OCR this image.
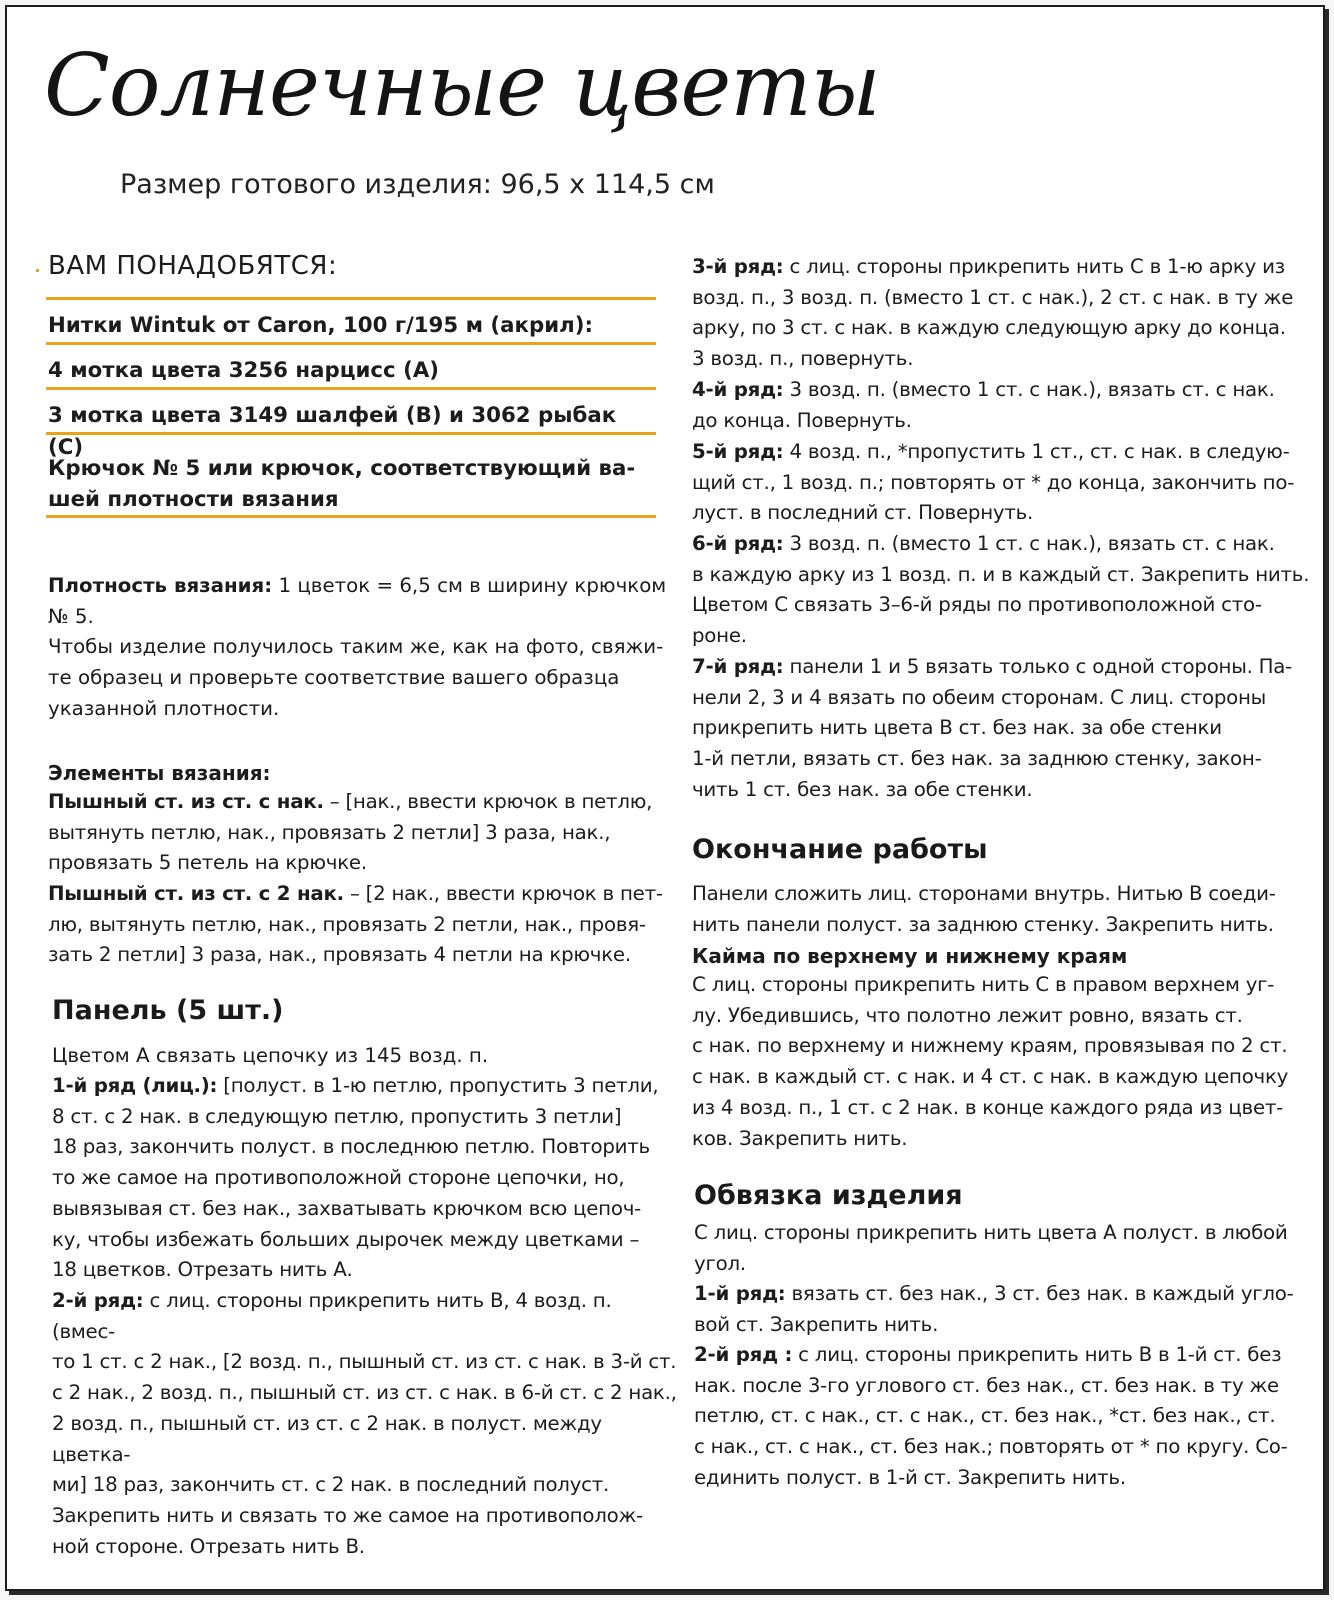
Солнечные цветы

Размер готового изделия: 96,5 x 114,5 см

ВАМ ПОНАДОБЯТСЯ:
Нитки Wintuk от Caron, 100 г/195 м (акрил):
4 мотка цвета 3256 нарцисс (А)
3 мотка цвета 3149 шалфей (В) и 3062 рыбак (С)
Крючок № 5 или крючок, соответствующий ва-
шей плотности вязания

Плотность вязания: 1 цветок = 6,5 см в ширину крючком
№ 5.
Чтобы изделие получилось таким же, как на фото, свяжи-
те образец и проверьте соответствие вашего образца
указанной плотности.

Элементы вязания:

Пышный ст. из ст. с нак. – [нак., ввести крючок в петлю,
вытянуть петлю, нак., провязать 2 петли] 3 раза, нак.,
провязать 5 петель на крючке.

Пышный ст. из ст. с 2 нак. – [2 нак., ввести крючок в пет-
лю, вытянуть петлю, нак., провязать 2 петли, нак., провя-
зать 2 петли] 3 раза, нак., провязать 4 петли на крючке.

Панель (5 шт.)

Цветом А связать цепочку из 145 возд. п.

1-й ряд (лиц.): [полуст. в 1-ю петлю, пропустить 3 петли,
8 ст. с 2 нак. в следующую петлю, пропустить 3 петли]
18 раз, закончить полуст. в последнюю петлю. Повторить
то же самое на противоположной стороне цепочки, но,
вывязывая ст. без нак., захватывать крючком всю цепоч-
ку, чтобы избежать больших дырочек между цветками –
18 цветков. Отрезать нить А.

2-й ряд: с лиц. стороны прикрепить нить В, 4 возд. п. (вмес-
то 1 ст. с 2 нак., [2 возд. п., пышный ст. из ст. с нак. в 3-й ст.
с 2 нак., 2 возд. п., пышный ст. из ст. с нак. в 6-й ст. с 2 нак.,
2 возд. п., пышный ст. из ст. с 2 нак. в полуст. между цветка-
ми] 18 раз, закончить ст. с 2 нак. в последний полуст.
Закрепить нить и связать то же самое на противополож-
ной стороне. Отрезать нить В.

3-й ряд: с лиц. стороны прикрепить нить С в 1-ю арку из
возд. п., 3 возд. п. (вместо 1 ст. с нак.), 2 ст. с нак. в ту же
арку, по 3 ст. с нак. в каждую следующую арку до конца.
3 возд. п., повернуть.

4-й ряд: 3 возд. п. (вместо 1 ст. с нак.), вязать ст. с нак.
до конца. Повернуть.

5-й ряд: 4 возд. п., *пропустить 1 ст., ст. с нак. в следую-
щий ст., 1 возд. п.; повторять от * до конца, закончить по-
луст. в последний ст. Повернуть.

6-й ряд: 3 возд. п. (вместо 1 ст. с нак.), вязать ст. с нак.
в каждую арку из 1 возд. п. и в каждый ст. Закрепить нить.
Цветом С связать 3–6-й ряды по противоположной сто-
роне.

7-й ряд: панели 1 и 5 вязать только с одной стороны. Па-
нели 2, 3 и 4 вязать по обеим сторонам. С лиц. стороны
прикрепить нить цвета В ст. без нак. за обе стенки
1-й петли, вязать ст. без нак. за заднюю стенку, закон-
чить 1 ст. без нак. за обе стенки.

Окончание работы

Панели сложить лиц. сторонами внутрь. Нитью В соеди-
нить панели полуст. за заднюю стенку. Закрепить нить.

Кайма по верхнему и нижнему краям

С лиц. стороны прикрепить нить С в правом верхнем уг-
лу. Убедившись, что полотно лежит ровно, вязать ст.
с нак. по верхнему и нижнему краям, провязывая по 2 ст.
с нак. в каждый ст. с нак. и 4 ст. с нак. в каждую цепочку
из 4 возд. п., 1 ст. с 2 нак. в конце каждого ряда из цвет-
ков. Закрепить нить.

Обвязка изделия

С лиц. стороны прикрепить нить цвета А полуст. в любой
угол.

1-й ряд: вязать ст. без нак., 3 ст. без нак. в каждый угло-
вой ст. Закрепить нить.

2-й ряд : с лиц. стороны прикрепить нить В в 1-й ст. без
нак. после 3-го углового ст. без нак., ст. без нак. в ту же
петлю, ст. с нак., ст. с нак., ст. без нак., *ст. без нак., ст.
с нак., ст. с нак., ст. без нак.; повторять от * по кругу. Со-
единить полуст. в 1-й ст. Закрепить нить.
